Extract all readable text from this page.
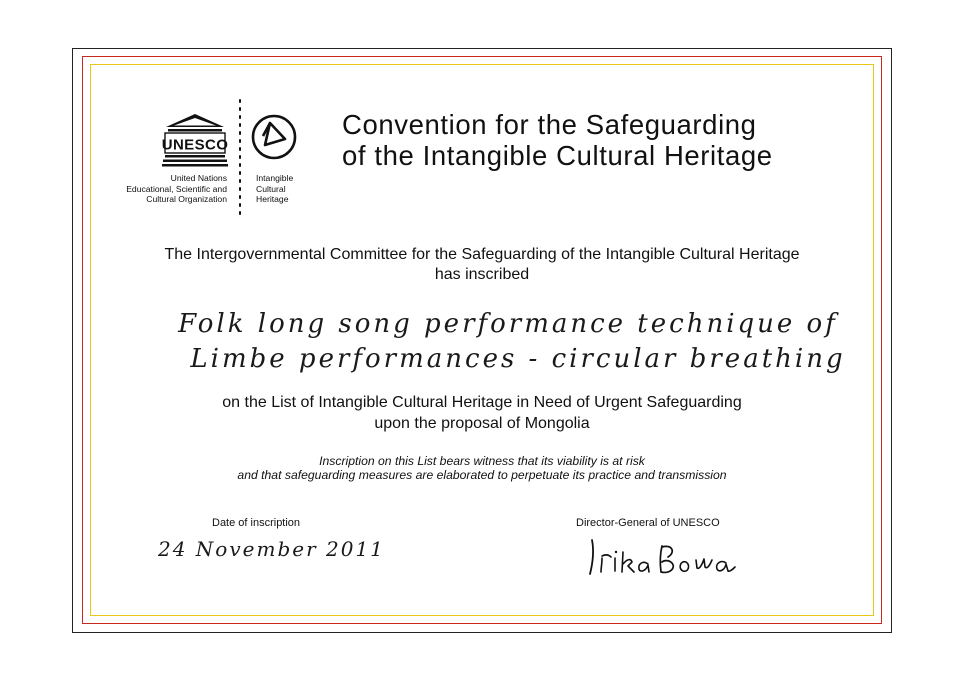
UNESCO
United Nations
Educational, Scientific and
Cultural Organization
Intangible
Cultural
Heritage
Convention for the Safeguarding
of the Intangible Cultural Heritage
The Intergovernmental Committee for the Safeguarding of the Intangible Cultural Heritage
has inscribed
Folk long song performance technique of
Limbe performances - circular breathing
on the List of Intangible Cultural Heritage in Need of Urgent Safeguarding
upon the proposal of Mongolia
Inscription on this List bears witness that its viability is at risk
and that safeguarding measures are elaborated to perpetuate its practice and transmission
Date of inscription
24 November 2011
Director-General of UNESCO
